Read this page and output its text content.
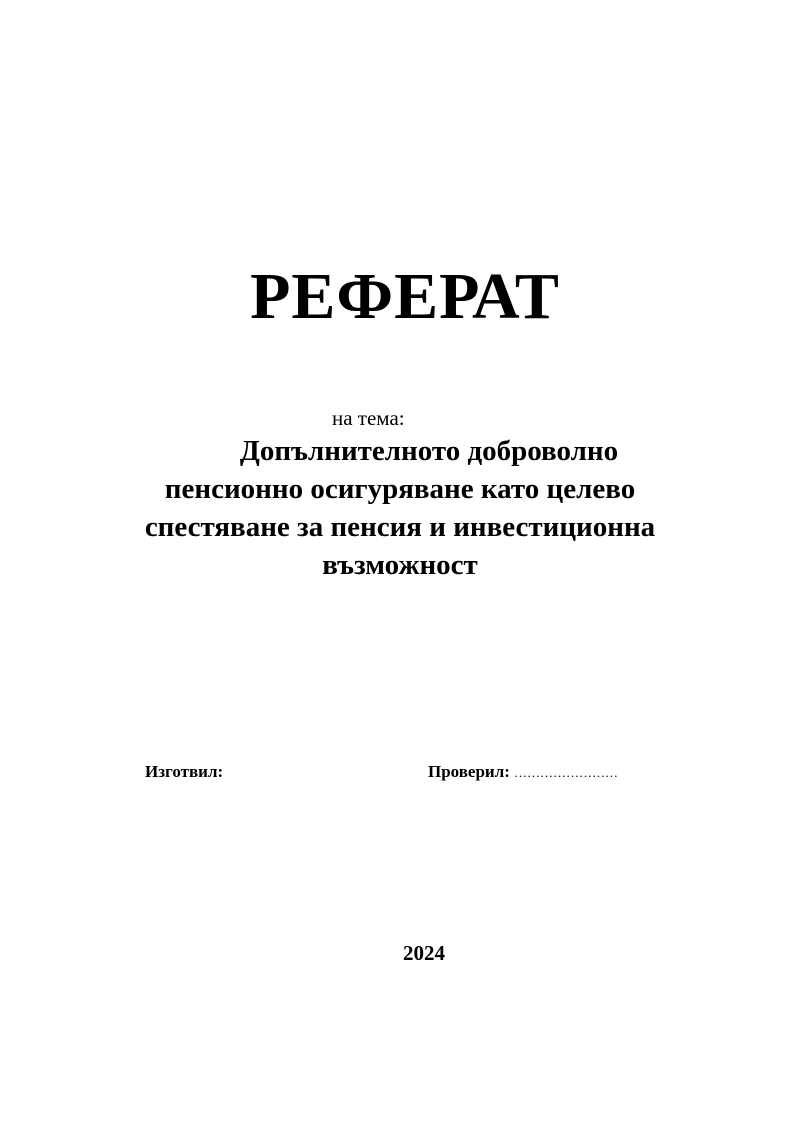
РЕФЕРАТ
на тема:
Допълнителното доброволно
пенсионно осигуряване като целево
спестяване за пенсия и инвестиционна
възможност
Изготвил:	Проверил: ……………………
2024
